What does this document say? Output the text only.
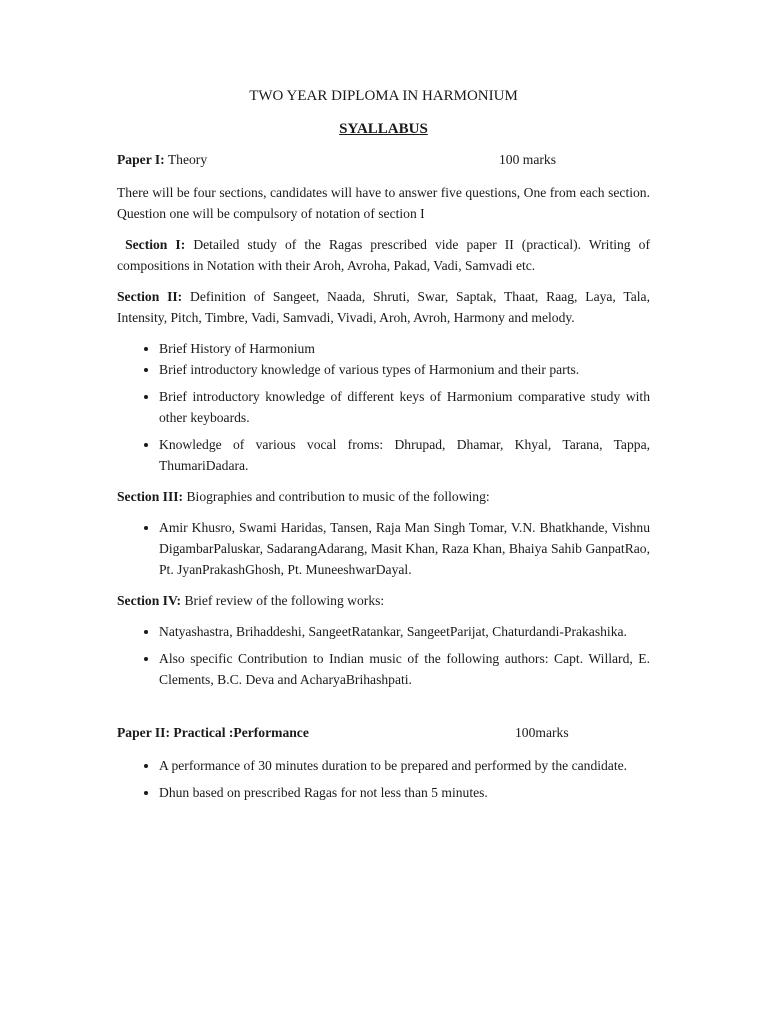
TWO YEAR DIPLOMA IN HARMONIUM
SYALLABUS
Paper I: Theory	100 marks
There will be four sections, candidates will have to answer five questions, One from each section. Question one will be compulsory of notation of section I
Section I: Detailed study of the Ragas prescribed vide paper II (practical). Writing of compositions in Notation with their Aroh, Avroha, Pakad, Vadi, Samvadi etc.
Section II: Definition of Sangeet, Naada, Shruti, Swar, Saptak, Thaat, Raag, Laya, Tala, Intensity, Pitch, Timbre, Vadi, Samvadi, Vivadi, Aroh, Avroh, Harmony and melody.
• Brief History of Harmonium
• Brief introductory knowledge of various types of Harmonium and their parts.
• Brief introductory knowledge of different keys of Harmonium comparative study with other keyboards.
• Knowledge of various vocal froms: Dhrupad, Dhamar, Khyal, Tarana, Tappa, ThumariDadara.
Section III: Biographies and contribution to music of the following:
• Amir Khusro, Swami Haridas, Tansen, Raja Man Singh Tomar, V.N. Bhatkhande, Vishnu DigambarPaluskar, SadarangAdarang, Masit Khan, Raza Khan, Bhaiya Sahib GanpatRao, Pt. JyanPrakashGhosh, Pt. MuneeshwarDayal.
Section IV: Brief review of the following works:
• Natyashastra, Brihaddeshi, SangeetRatankar, SangeetParijat, Chaturdandi-Prakashika.
• Also specific Contribution to Indian music of the following authors: Capt. Willard, E. Clements, B.C. Deva and AcharyaBrihashpati.
Paper II: Practical :Performance	100marks
• A performance of 30 minutes duration to be prepared and performed by the candidate.
• Dhun based on prescribed Ragas for not less than 5 minutes.
